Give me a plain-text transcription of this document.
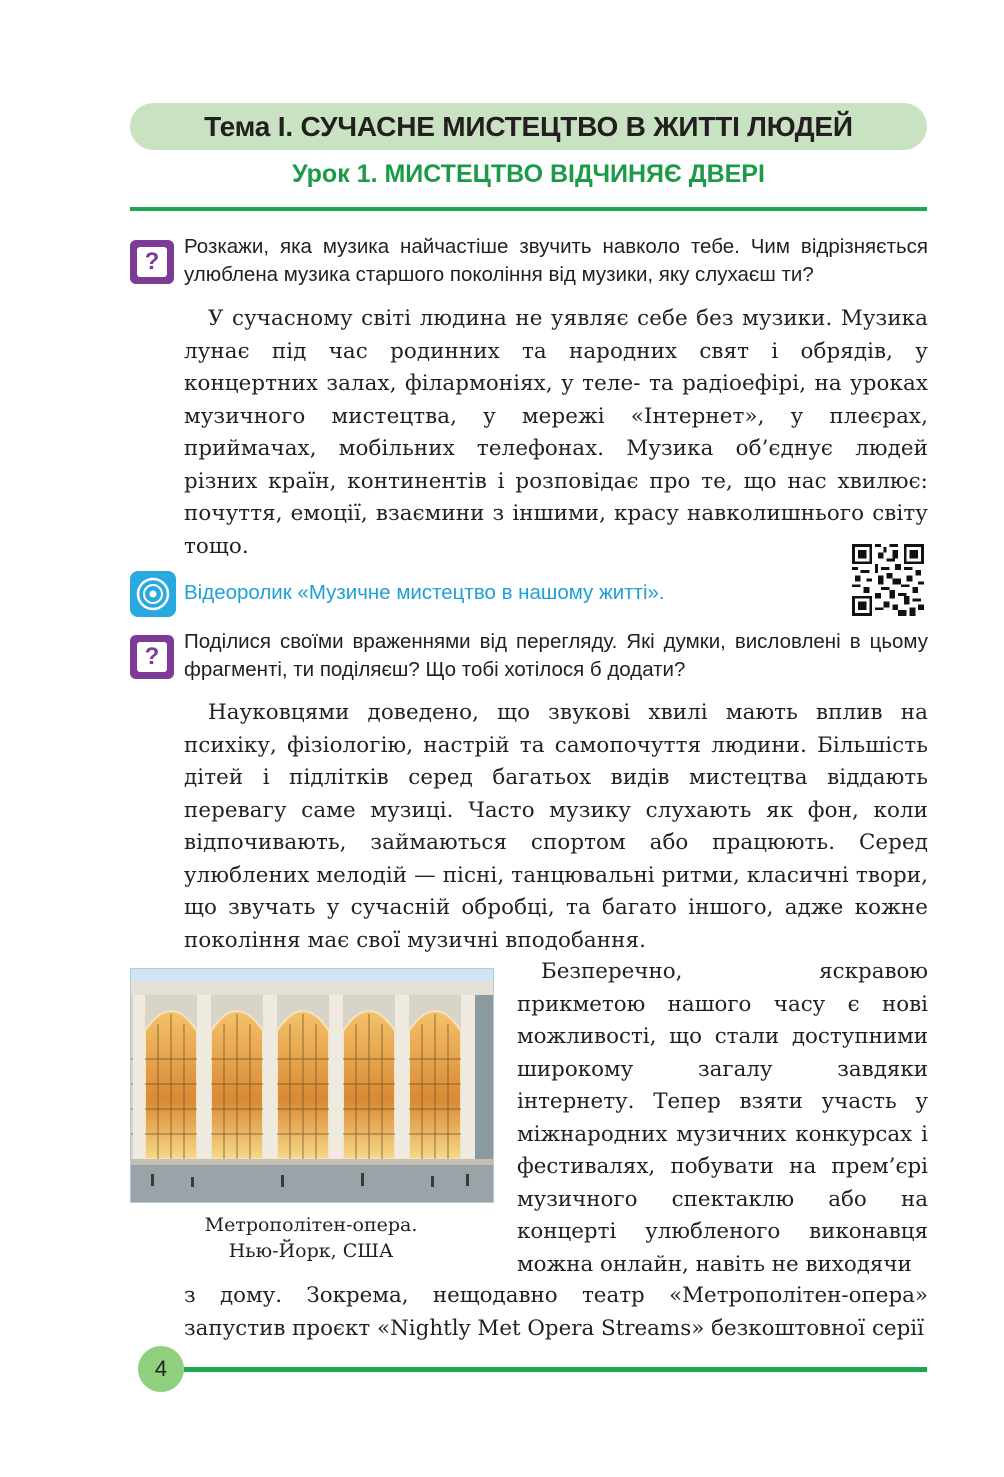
Тема І. СУЧАСНЕ МИСТЕЦТВО В ЖИТТІ ЛЮДЕЙ
Урок 1. МИСТЕЦТВО ВІДЧИНЯЄ ДВЕРІ
?
Розкажи, яка музика найчастіше звучить навколо тебе. Чим відрізняється улюблена музика старшого покоління від музики, яку слухаєш ти?
У сучасному світі людина не уявляє себе без музики. Музика лунає під час родинних та народних свят і обрядів, у концертних залах, філармоніях, у теле- та радіоефірі, на уроках музичного мистецтва, у мережі «Інтернет», у плеєрах, приймачах, мобільних телефонах. Музика об’єднує людей різних країн, континентів і розповідає про те, що нас хвилює: почуття, емоції, взаємини з іншими, красу навколишнього світу тощо.
Відеоролик «Музичне мистецтво в нашому житті».
?
Поділися своїми враженнями від перегляду. Які думки, висловлені в цьому фрагменті, ти поділяєш? Що тобі хотілося б додати?
Науковцями доведено, що звукові хвилі мають вплив на психіку, фізіологію, настрій та самопочуття людини. Більшість дітей і підлітків серед багатьох видів мистецтва віддають перевагу саме музиці. Часто музику слухають як фон, коли відпочивають, займаються спортом або працюють. Серед улюблених мелодій — пісні, танцювальні ритми, класичні твори, що звучать у сучасній обробці, та багато іншого, адже кожне покоління має свої музичні вподобання.
Метрополітен-опера.
Нью-Йорк, США
Безперечно, яскравою прикметою нашого часу є нові можливості, що стали доступними широкому загалу завдяки інтернету. Тепер взяти участь у міжнародних музичних конкурсах і фестивалях, побувати на прем’єрі музичного спектаклю або на концерті улюбленого виконавця можна онлайн, навіть не виходячи
з дому. Зокрема, нещодавно театр «Метрополітен-опера» запустив проєкт «Nightly Met Opera Streams» безкоштовної серії
4
